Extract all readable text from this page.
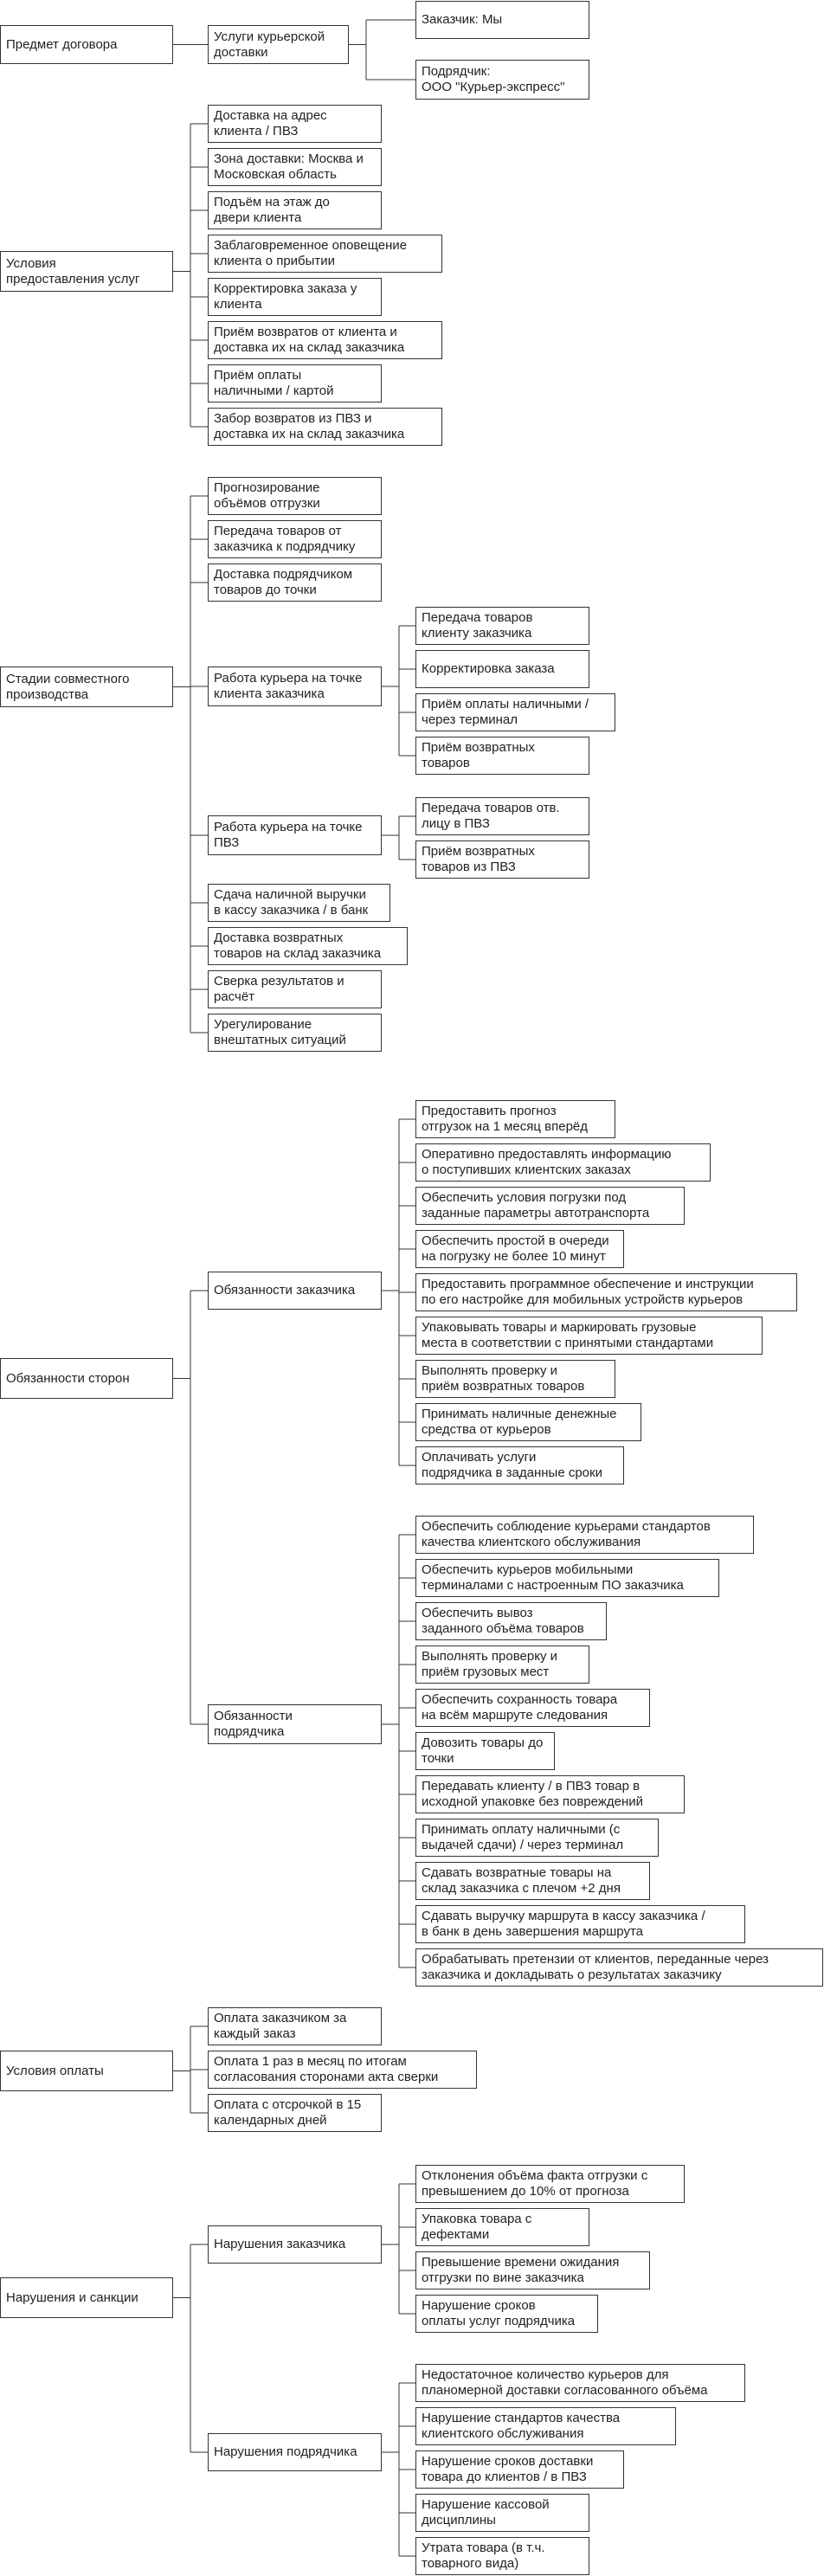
Предмет договора
Услуги курьерской
доставки
Заказчик: Мы
Подрядчик:
ООО "Курьер-экспресс"
Условия
предоставления услуг
Доставка на адрес
клиента / ПВЗ
Зона доставки: Москва и
Московская область
Подъём на этаж до
двери клиента
Заблаговременное оповещение
клиента о прибытии
Корректировка заказа у
клиента
Приём возвратов от клиента и
доставка их на склад заказчика
Приём оплаты
наличными / картой
Забор возвратов из ПВЗ и
доставка их на склад заказчика
Стадии совместного
производства
Прогнозирование
объёмов отгрузки
Передача товаров от
заказчика к подрядчику
Доставка подрядчиком
товаров до точки
Работа курьера на точке
клиента заказчика
Передача товаров
клиенту заказчика
Корректировка заказа
Приём оплаты наличными /
через терминал
Приём возвратных
товаров
Работа курьера на точке
ПВЗ
Передача товаров отв.
лицу в ПВЗ
Приём возвратных
товаров из ПВЗ
Сдача наличной выручки
в кассу заказчика / в банк
Доставка возвратных
товаров на склад заказчика
Сверка результатов и
расчёт
Урегулирование
внештатных ситуаций
Обязанности сторон
Обязанности заказчика
Предоставить прогноз
отгрузок на 1 месяц вперёд
Оперативно предоставлять информацию
о поступивших клиентских заказах
Обеспечить условия погрузки под
заданные параметры автотранспорта
Обеспечить простой в очереди
на погрузку не более 10 минут
Предоставить программное обеспечение и инструкции
по его настройке для мобильных устройств курьеров
Упаковывать товары и маркировать грузовые
места в соответствии с принятыми стандартами
Выполнять проверку и
приём возвратных товаров
Принимать наличные денежные
средства от курьеров
Оплачивать услуги
подрядчика в заданные сроки
Обязанности
подрядчика
Обеспечить соблюдение курьерами стандартов
качества клиентского обслуживания
Обеспечить курьеров мобильными
терминалами с настроенным ПО заказчика
Обеспечить вывоз
заданного объёма товаров
Выполнять проверку и
приём грузовых мест
Обеспечить сохранность товара
на всём маршруте следования
Довозить товары до
точки
Передавать клиенту / в ПВЗ товар в
исходной упаковке без повреждений
Принимать оплату наличными (с
выдачей сдачи) / через терминал
Сдавать возвратные товары на
склад заказчика с плечом +2 дня
Сдавать выручку маршрута в кассу заказчика /
в банк в день завершения маршрута
Обрабатывать претензии от клиентов, переданные через
заказчика и докладывать о результатах заказчику
Условия оплаты
Оплата заказчиком за
каждый заказ
Оплата 1 раз в месяц по итогам
согласования сторонами акта сверки
Оплата с отсрочкой в 15
календарных дней
Нарушения и санкции
Нарушения заказчика
Отклонения объёма факта отгрузки с
превышением до 10% от прогноза
Упаковка товара с
дефектами
Превышение времени ожидания
отгрузки по вине заказчика
Нарушение сроков
оплаты услуг подрядчика
Нарушения подрядчика
Недостаточное количество курьеров для
планомерной доставки согласованного объёма
Нарушение стандартов качества
клиентского обслуживания
Нарушение сроков доставки
товара до клиентов / в ПВЗ
Нарушение кассовой
дисциплины
Утрата товара (в т.ч.
товарного вида)
